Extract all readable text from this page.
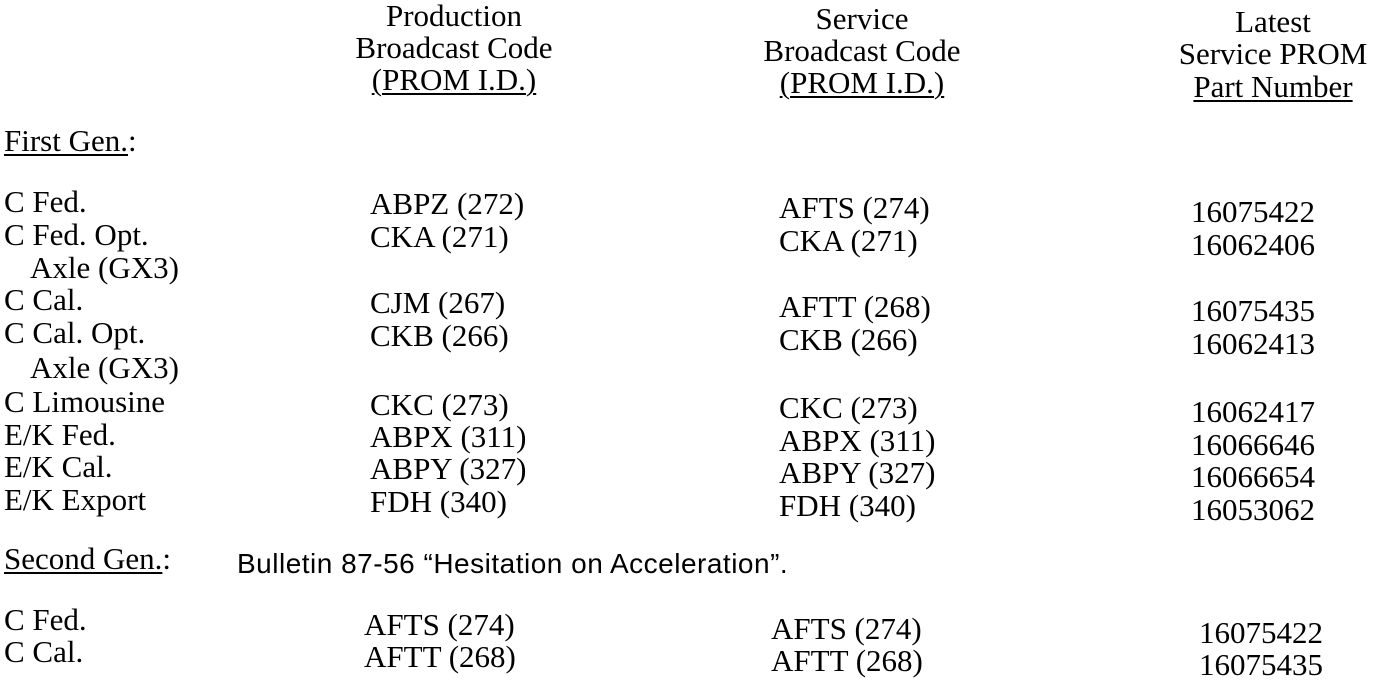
Production
Broadcast Code
(PROM I.D.)
Service
Broadcast Code
(PROM I.D.)
Latest
Service PROM
Part Number
First Gen.:
C Fed.
C Fed. Opt.
Axle (GX3)
C Cal.
C Cal. Opt.
Axle (GX3)
C Limousine
E/K Fed.
E/K Cal.
E/K Export
ABPZ (272)
CKA (271)
CJM (267)
CKB (266)
CKC (273)
ABPX (311)
ABPY (327)
FDH (340)
AFTS (274)
CKA (271)
AFTT (268)
CKB (266)
CKC (273)
ABPX (311)
ABPY (327)
FDH (340)
16075422
16062406
16075435
16062413
16062417
16066646
16066654
16053062
Second Gen.: Bulletin 87-56 “Hesitation on Acceleration”.
C Fed.
C Cal.
AFTS (274)
AFTT (268)
AFTS (274)
AFTT (268)
16075422
16075435
